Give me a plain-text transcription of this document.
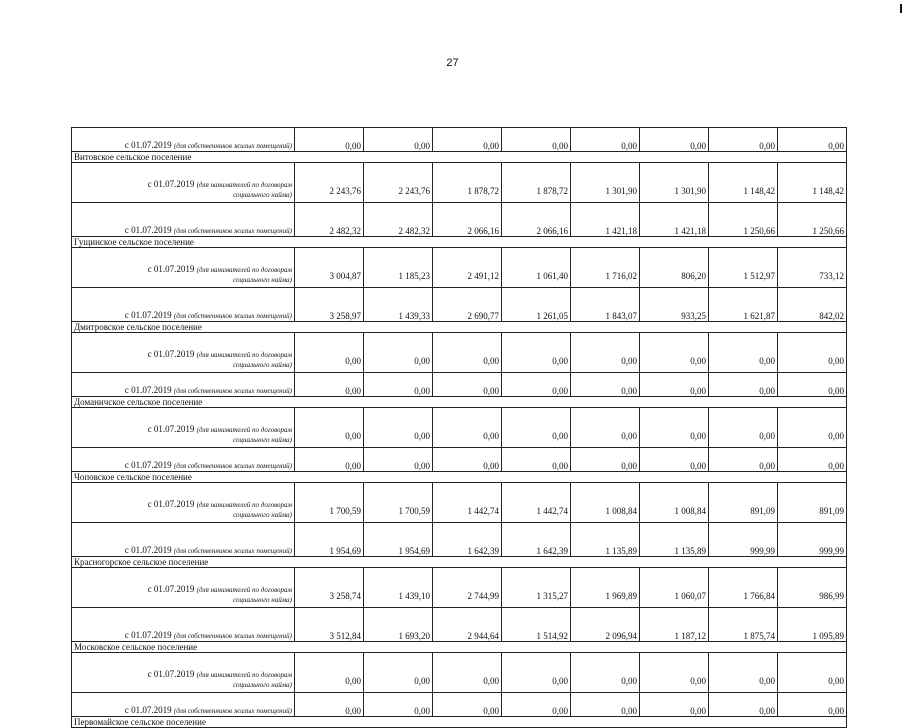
27
с 01.07.2019 (для собственников жилых помещений)	0,00	0,00	0,00	0,00	0,00	0,00	0,00	0,00
Витовское сельское поселение								

с 01.07.2019 (для нанимателей по договорам
социального найма)	2 243,76	2 243,76	1 878,72	1 878,72	1 301,90	1 301,90	1 148,42	1 148,42
с 01.07.2019 (для собственников жилых помещений)	2 482,32	2 482,32	2 066,16	2 066,16	1 421,18	1 421,18	1 250,66	1 250,66
Гущинское сельское поселение								

с 01.07.2019 (для нанимателей по договорам
социального найма)	3 004,87	1 185,23	2 491,12	1 061,40	1 716,02	806,20	1 512,97	733,12
с 01.07.2019 (для собственников жилых помещений)	3 258,97	1 439,33	2 690,77	1 261,05	1 843,07	933,25	1 621,87	842,02
Дмитровское сельское поселение								

с 01.07.2019 (для нанимателей по договорам
социального найма)	0,00	0,00	0,00	0,00	0,00	0,00	0,00	0,00
с 01.07.2019 (для собственников жилых помещений)	0,00	0,00	0,00	0,00	0,00	0,00	0,00	0,00
Доманичское сельское поселение								

с 01.07.2019 (для нанимателей по договорам
социального найма)	0,00	0,00	0,00	0,00	0,00	0,00	0,00	0,00
с 01.07.2019 (для собственников жилых помещений)	0,00	0,00	0,00	0,00	0,00	0,00	0,00	0,00
Чоповское сельское поселение								

с 01.07.2019 (для нанимателей по договорам
социального найма)	1 700,59	1 700,59	1 442,74	1 442,74	1 008,84	1 008,84	891,09	891,09
с 01.07.2019 (для собственников жилых помещений)	1 954,69	1 954,69	1 642,39	1 642,39	1 135,89	1 135,89	999,99	999,99
Красногорское сельское поселение								

с 01.07.2019 (для нанимателей по договорам
социального найма)	3 258,74	1 439,10	2 744,99	1 315,27	1 969,89	1 060,07	1 766,84	986,99
с 01.07.2019 (для собственников жилых помещений)	3 512,84	1 693,20	2 944,64	1 514,92	2 096,94	1 187,12	1 875,74	1 095,89
Московское сельское поселение								

с 01.07.2019 (для нанимателей по договорам
социального найма)	0,00	0,00	0,00	0,00	0,00	0,00	0,00	0,00
с 01.07.2019 (для собственников жилых помещений)	0,00	0,00	0,00	0,00	0,00	0,00	0,00	0,00
Первомайское сельское поселение								
